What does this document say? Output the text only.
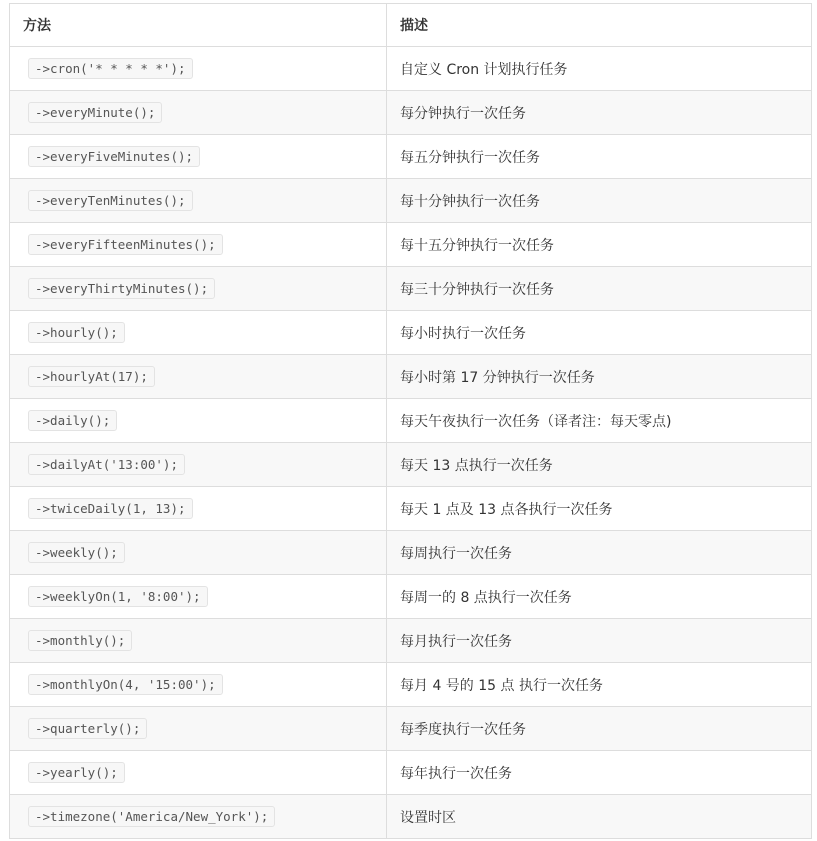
方法	描述
->cron('* * * * *');	自定义 Cron 计划执行任务
->everyMinute();	每分钟执行一次任务
->everyFiveMinutes();	每五分钟执行一次任务
->everyTenMinutes();	每十分钟执行一次任务
->everyFifteenMinutes();	每十五分钟执行一次任务
->everyThirtyMinutes();	每三十分钟执行一次任务
->hourly();	每小时执行一次任务
->hourlyAt(17);	每小时第 17 分钟执行一次任务
->daily();	每天午夜执行一次任务（译者注：每天零点)
->dailyAt('13:00');	每天 13 点执行一次任务
->twiceDaily(1, 13);	每天 1 点及 13 点各执行一次任务
->weekly();	每周执行一次任务
->weeklyOn(1, '8:00');	每周一的 8 点执行一次任务
->monthly();	每月执行一次任务
->monthlyOn(4, '15:00');	每月 4 号的 15 点 执行一次任务
->quarterly();	每季度执行一次任务
->yearly();	每年执行一次任务
->timezone('America/New_York');	设置时区
